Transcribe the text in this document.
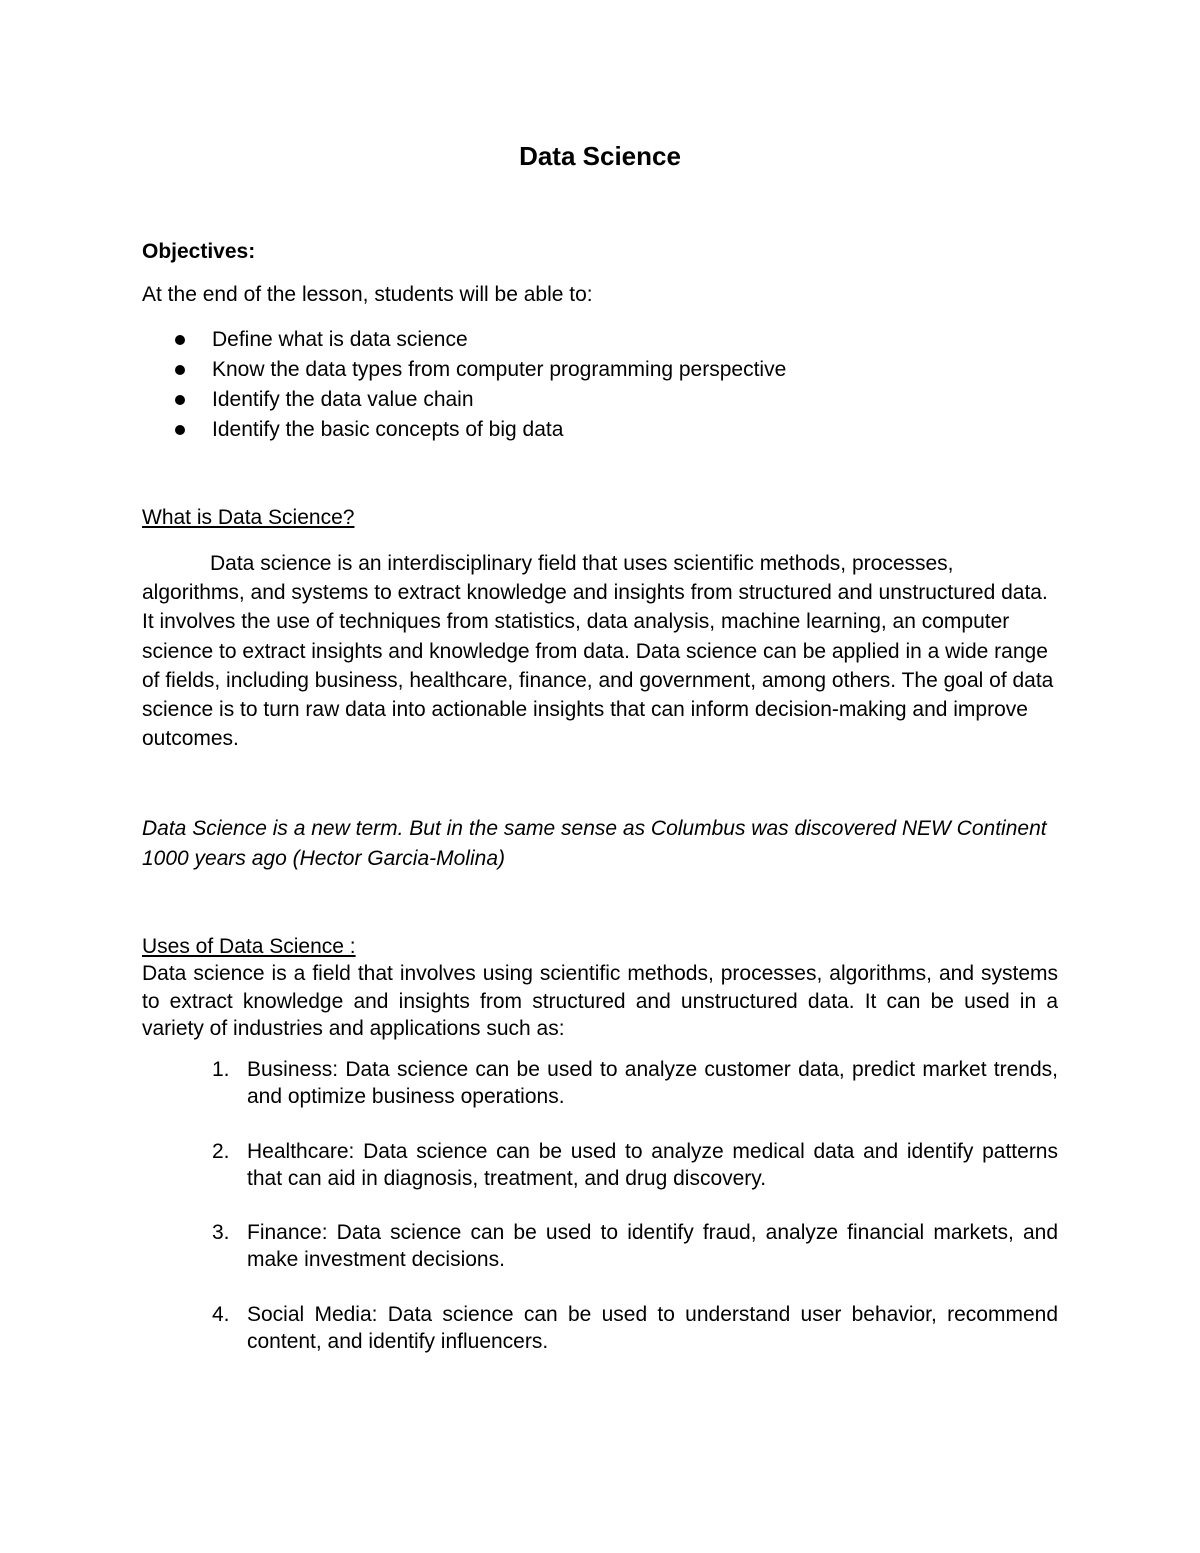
Data Science
Objectives:
At the end of the lesson, students will be able to:
Define what is data science
Know the data types from computer programming perspective
Identify the data value chain
Identify the basic concepts of big data
What is Data Science?

Data science is an interdisciplinary field that uses scientific methods, processes, algorithms, and systems to extract knowledge and insights from structured and unstructured data. It involves the use of techniques from statistics, data analysis, machine learning, an computer science to extract insights and knowledge from data. Data science can be applied in a wide range of fields, including business, healthcare, finance, and government, among others. The goal of data science is to turn raw data into actionable insights that can inform decision-making and improve outcomes.

Data Science is a new term. But in the same sense as Columbus was discovered NEW Continent 1000 years ago (Hector Garcia-Molina)

Uses of Data Science :

Data science is a field that involves using scientific methods, processes, algorithms, and systems to extract knowledge and insights from structured and unstructured data. It can be used in a variety of industries and applications such as:

1. Business: Data science can be used to analyze customer data, predict market trends, and optimize business operations.
2. Healthcare: Data science can be used to analyze medical data and identify patterns that can aid in diagnosis, treatment, and drug discovery.
3. Finance: Data science can be used to identify fraud, analyze financial markets, and make investment decisions.
4. Social Media: Data science can be used to understand user behavior, recommend content, and identify influencers.
